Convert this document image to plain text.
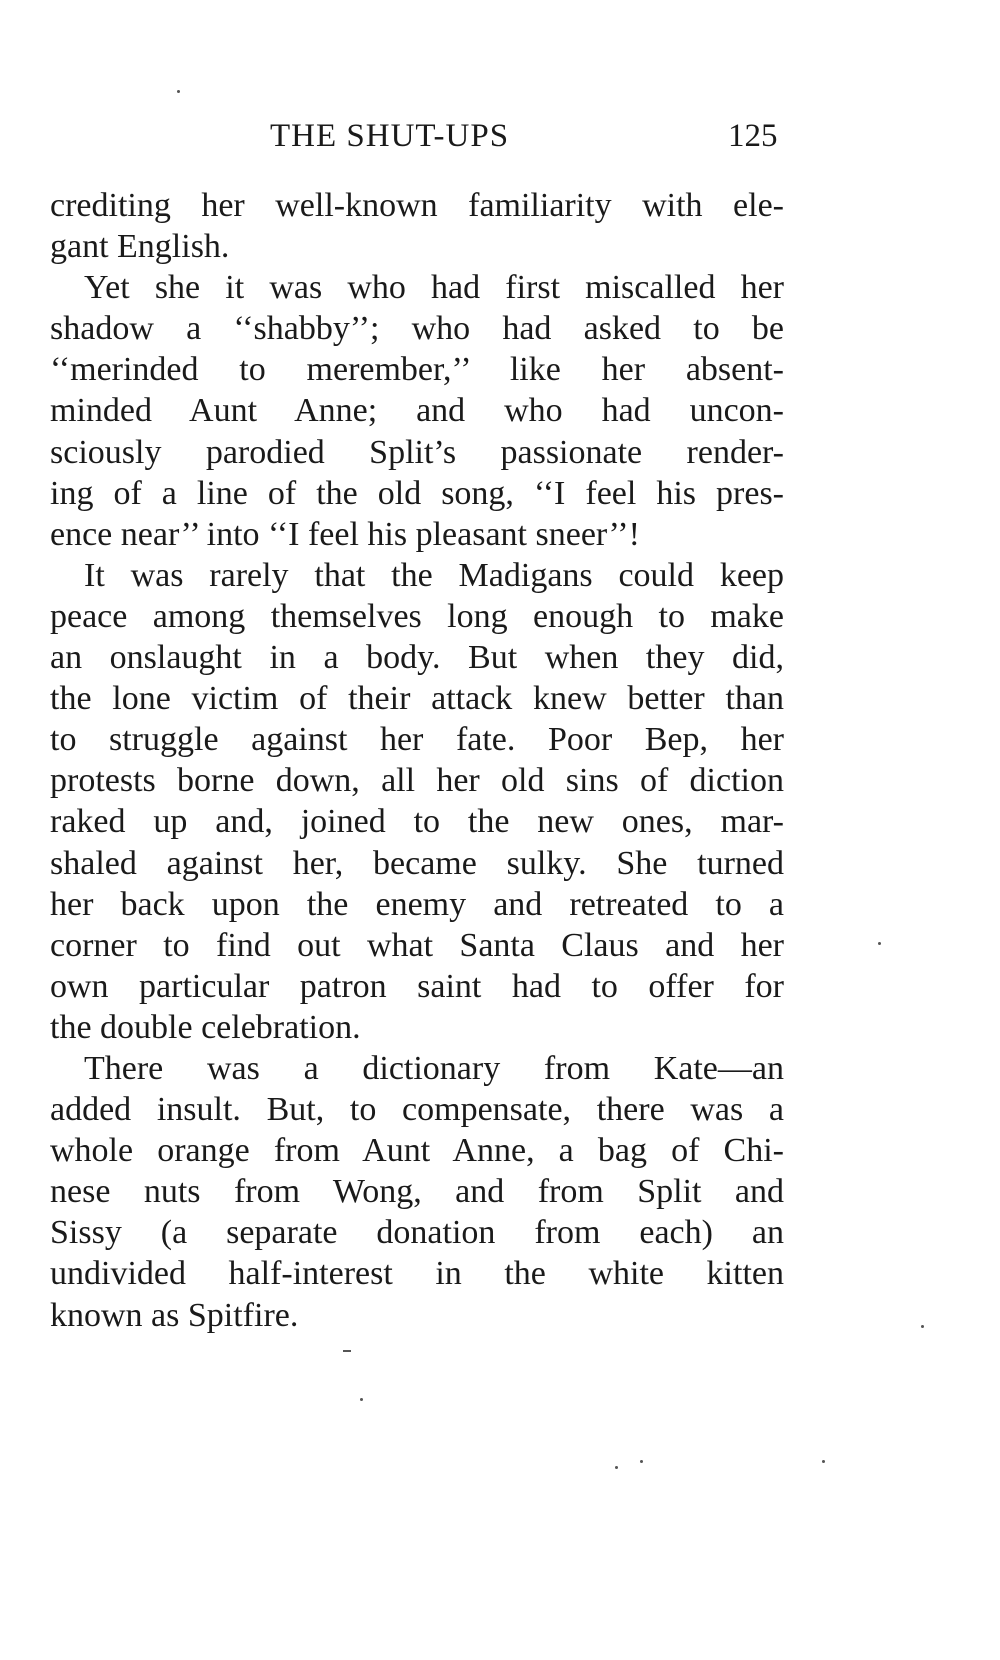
THE SHUT-UPS	125
crediting her well-known familiarity with ele-
gant English.
Yet she it was who had first miscalled her
shadow a ‘‘shabby’’; who had asked to be
‘‘merinded to merember,’’ like her absent-
minded Aunt Anne; and who had uncon-
sciously parodied Split’s passionate render-
ing of a line of the old song, ‘‘I feel his pres-
ence near’’ into ‘‘I feel his pleasant sneer’’!
It was rarely that the Madigans could keep
peace among themselves long enough to make
an onslaught in a body. But when they did,
the lone victim of their attack knew better than
to struggle against her fate. Poor Bep, her
protests borne down, all her old sins of diction
raked up and, joined to the new ones, mar-
shaled against her, became sulky. She turned
her back upon the enemy and retreated to a
corner to find out what Santa Claus and her
own particular patron saint had to offer for
the double celebration.
There was a dictionary from Kate—an
added insult. But, to compensate, there was a
whole orange from Aunt Anne, a bag of Chi-
nese nuts from Wong, and from Split and
Sissy (a separate donation from each) an
undivided half-interest in the white kitten
known as Spitfire.
